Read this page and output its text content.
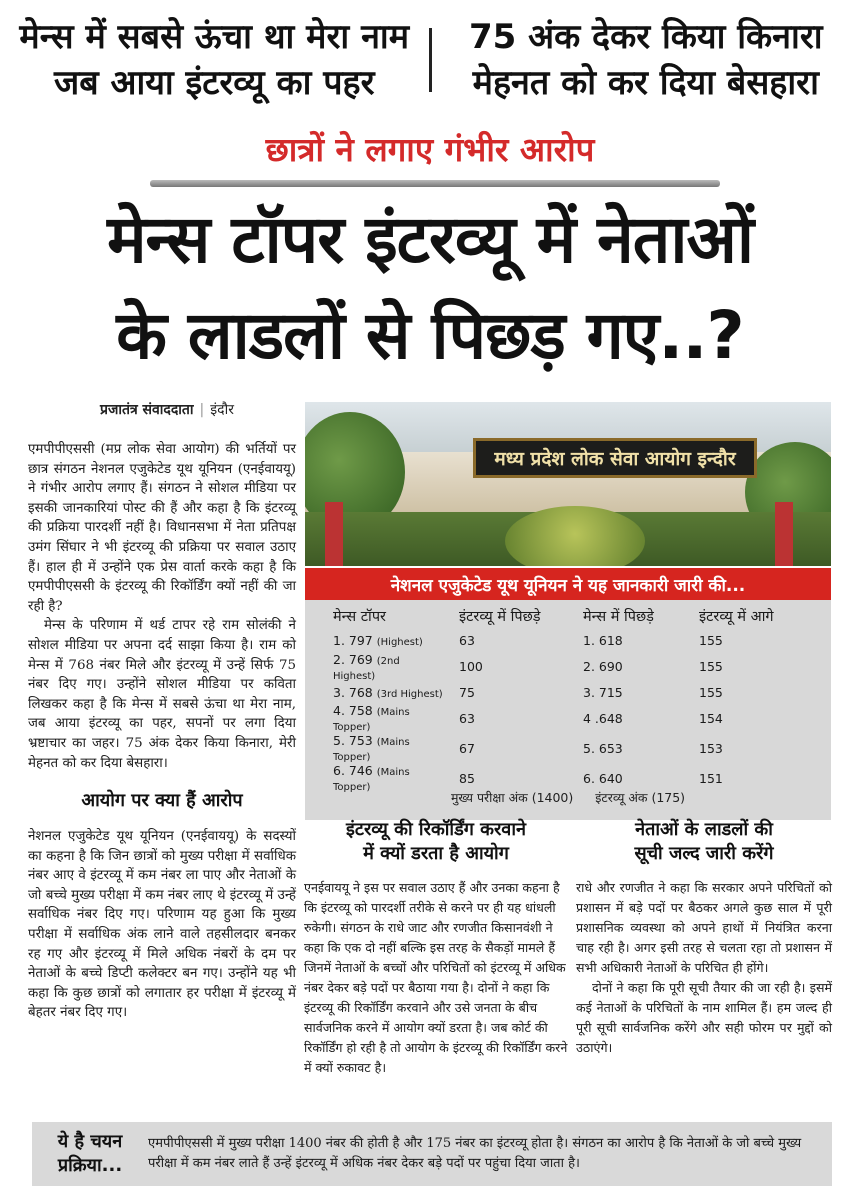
मेन्स में सबसे ऊंचा था मेरा नाम
जब आया इंटरव्यू का पहर
75 अंक देकर किया किनारा
मेहनत को कर दिया बेसहारा
छात्रों ने लगाए गंभीर आरोप
मेन्स टॉपर इंटरव्यू में नेताओं
के लाडलों से पिछड़ गए..?
प्रजातंत्र संवाददाता | इंदौर

एमपीपीएससी (मप्र लोक सेवा आयोग) की भर्तियों पर छात्र संगठन नेशनल एजुकेटेड यूथ यूनियन (एनईवाययू) ने गंभीर आरोप लगाए हैं। संगठन ने सोशल मीडिया पर इसकी जानकारियां पोस्ट की हैं और कहा है कि इंटरव्यू की प्रक्रिया पारदर्शी नहीं है। विधानसभा में नेता प्रतिपक्ष उमंग सिंघार ने भी इंटरव्यू की प्रक्रिया पर सवाल उठाए हैं। हाल ही में उन्होंने एक प्रेस वार्ता करके कहा है कि एमपीपीएससी के इंटरव्यू की रिकॉर्डिंग क्यों नहीं की जा रही है?

मेन्स के परिणाम में थर्ड टापर रहे राम सोलंकी ने सोशल मीडिया पर अपना दर्द साझा किया है। राम को मेन्स में 768 नंबर मिले और इंटरव्यू में उन्हें सिर्फ 75 नंबर दिए गए। उन्होंने सोशल मीडिया पर कविता लिखकर कहा है कि मेन्स में सबसे ऊंचा था मेरा नाम, जब आया इंटरव्यू का पहर, सपनों पर लगा दिया भ्रष्टाचार का जहर। 75 अंक देकर किया किनारा, मेरी मेहनत को कर दिया बेसहारा।

आयोग पर क्या हैं आरोप

नेशनल एजुकेटेड यूथ यूनियन (एनईवाययू) के सदस्यों का कहना है कि जिन छात्रों को मुख्य परीक्षा में सर्वाधिक नंबर आए वे इंटरव्यू में कम नंबर ला पाए और नेताओं के जो बच्चे मुख्य परीक्षा में कम नंबर लाए थे इंटरव्यू में उन्हें सर्वाधिक नंबर दिए गए। परिणाम यह हुआ कि मुख्य परीक्षा में सर्वाधिक अंक लाने वाले तहसीलदार बनकर रह गए और इंटरव्यू में मिले अधिक नंबरों के दम पर नेताओं के बच्चे डिप्टी कलेक्टर बन गए। उन्होंने यह भी कहा कि कुछ छात्रों को लगातार हर परीक्षा में इंटरव्यू में बेहतर नंबर दिए गए।

मध्य प्रदेश लोक सेवा आयोग इन्दौर
नेशनल एजुकेटेड यूथ यूनियन ने यह जानकारी जारी की...
मेन्स टॉपर	इंटरव्यू में पिछड़े	मेन्स में पिछड़े	इंटरव्यू में आगे
1. 797 (Highest)	63	1. 618	155
2. 769 (2nd Highest)	100	2. 690	155
3. 768 (3rd Highest)	75	3. 715	155
4. 758 (Mains Topper)	63	4 .648	154
5. 753 (Mains Topper)	67	5. 653	153
6. 746 (Mains Topper)	85	6. 640	151
मुख्य परीक्षा अंक (1400) इंटरव्यू अंक (175)
इंटरव्यू की रिकॉर्डिंग करवाने
में क्यों डरता है आयोग

एनईवाययू ने इस पर सवाल उठाए हैं और उनका कहना है कि इंटरव्यू को पारदर्शी तरीके से करने पर ही यह धांधली रुकेगी। संगठन के राधे जाट और रणजीत किसानवंशी ने कहा कि एक दो नहीं बल्कि इस तरह के सैकड़ों मामले हैं जिनमें नेताओं के बच्चों और परिचितों को इंटरव्यू में अधिक नंबर देकर बड़े पदों पर बैठाया गया है। दोनों ने कहा कि इंटरव्यू की रिकॉर्डिंग करवाने और उसे जनता के बीच सार्वजनिक करने में आयोग क्यों डरता है। जब कोर्ट की रिकॉर्डिंग हो रही है तो आयोग के इंटरव्यू की रिकॉर्डिंग करने में क्यों रुकावट है।

नेताओं के लाडलों की
सूची जल्द जारी करेंगे

राधे और रणजीत ने कहा कि सरकार अपने परिचितों को प्रशासन में बड़े पदों पर बैठकर अगले कुछ साल में पूरी प्रशासनिक व्यवस्था को अपने हाथों में नियंत्रित करना चाह रही है। अगर इसी तरह से चलता रहा तो प्रशासन में सभी अधिकारी नेताओं के परिचित ही होंगे।

दोनों ने कहा कि पूरी सूची तैयार की जा रही है। इसमें कई नेताओं के परिचितों के नाम शामिल हैं। हम जल्द ही पूरी सूची सार्वजनिक करेंगे और सही फोरम पर मुद्दों को उठाएंगे।

ये है चयन
प्रक्रिया...
एमपीपीएससी में मुख्य परीक्षा 1400 नंबर की होती है और 175 नंबर का इंटरव्यू होता है। संगठन का आरोप है कि नेताओं के जो बच्चे मुख्य परीक्षा में कम नंबर लाते हैं उन्हें इंटरव्यू में अधिक नंबर देकर बड़े पदों पर पहुंचा दिया जाता है।
